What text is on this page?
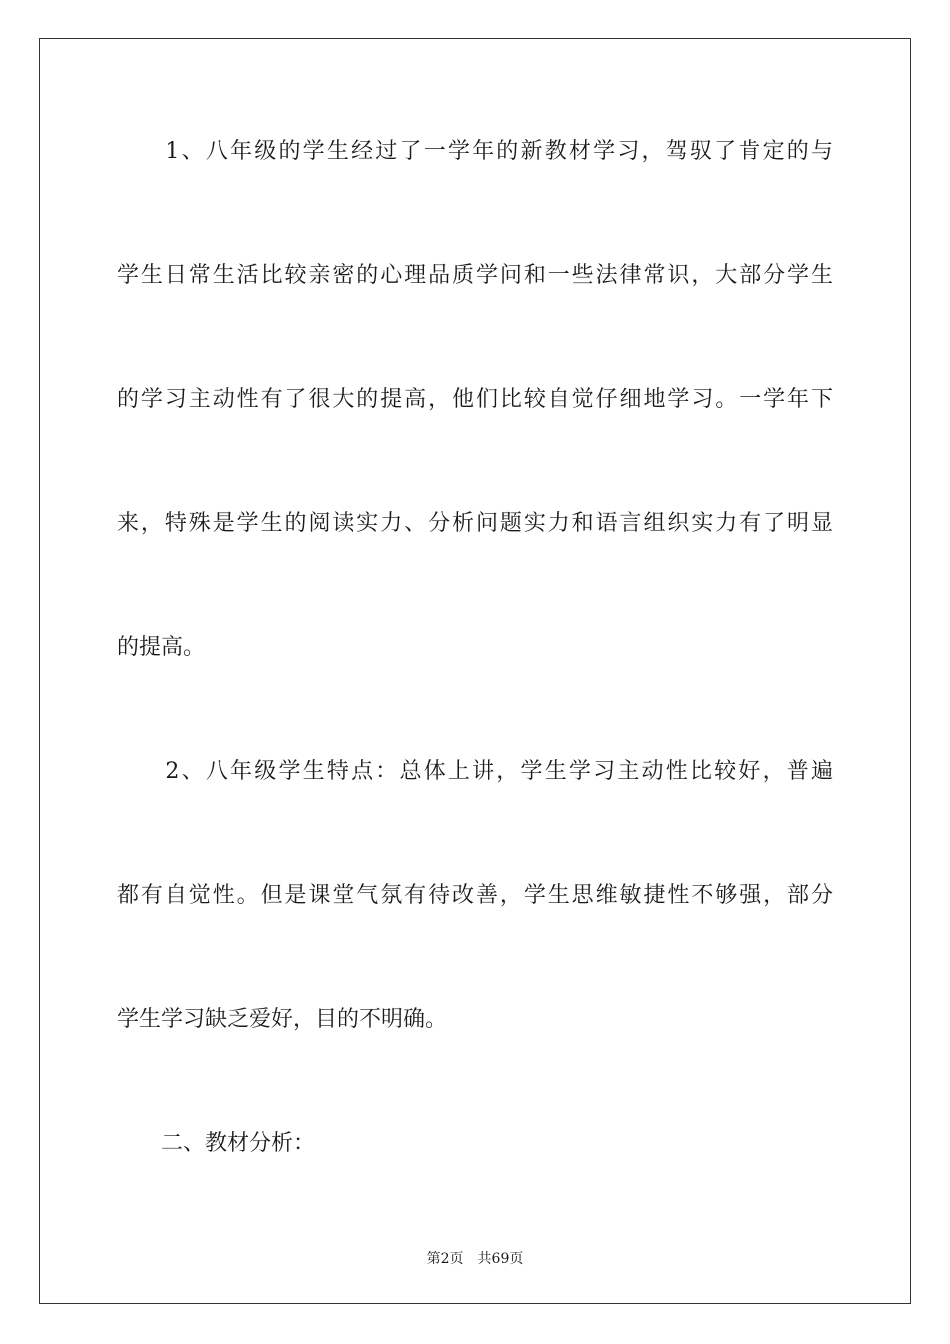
　　1、八年级的学生经过了一学年的新教材学习，驾驭了肯定的与
学生日常生活比较亲密的心理品质学问和一些法律常识，大部分学生
的学习主动性有了很大的提高，他们比较自觉仔细地学习。一学年下
来，特殊是学生的阅读实力、分析问题实力和语言组织实力有了明显
的提高。
　　2、八年级学生特点：总体上讲，学生学习主动性比较好，普遍
都有自觉性。但是课堂气氛有待改善，学生思维敏捷性不够强，部分
学生学习缺乏爱好，目的不明确。
　　二、教材分析：
第2页 共69页
